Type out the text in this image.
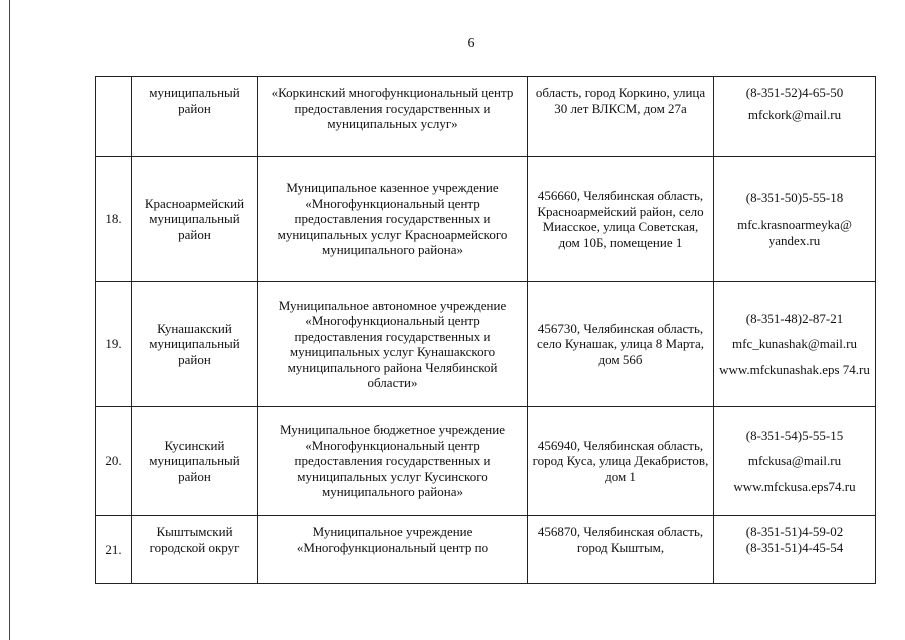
6
	муниципальный район	«Коркинский многофункциональный центр предоставления государственных и муниципальных услуг»	область, город Коркино, улица 30 лет ВЛКСМ, дом 27а	(8-351-52)4-65-50
mfckork@mail.ru

18.	Красноармейский муниципальный район	Муниципальное казенное учреждение «Многофункциональный центр предоставления государственных и муниципальных услуг Красноармейского муниципального района»	456660, Челябинская область, Красноармейский район, село Миасское, улица Советская, дом 10Б, помещение 1	(8-351-50)5-55-18
mfc.krasnoarmeyka@ yandex.ru

19.	Кунашакский муниципальный район	Муниципальное автономное учреждение «Многофункциональный центр предоставления государственных и муниципальных услуг Кунашакского муниципального района Челябинской области»	456730, Челябинская область, село Кунашак, улица 8 Марта, дом 56б	(8-351-48)2-87-21
mfc_kunashak@mail.ru
www.mfckunashak.eps 74.ru

20.	Кусинский муниципальный район	Муниципальное бюджетное учреждение «Многофункциональный центр предоставления государственных и муниципальных услуг Кусинского муниципального района»	456940, Челябинская область, город Куса, улица Декабристов, дом 1	(8-351-54)5-55-15
mfckusa@mail.ru
www.mfckusa.eps74.ru

21.	Кыштымский городской округ	Муниципальное учреждение «Многофункциональный центр по	456870, Челябинская область, город Кыштым,	(8-351-51)4-59-02
(8-351-51)4-45-54
